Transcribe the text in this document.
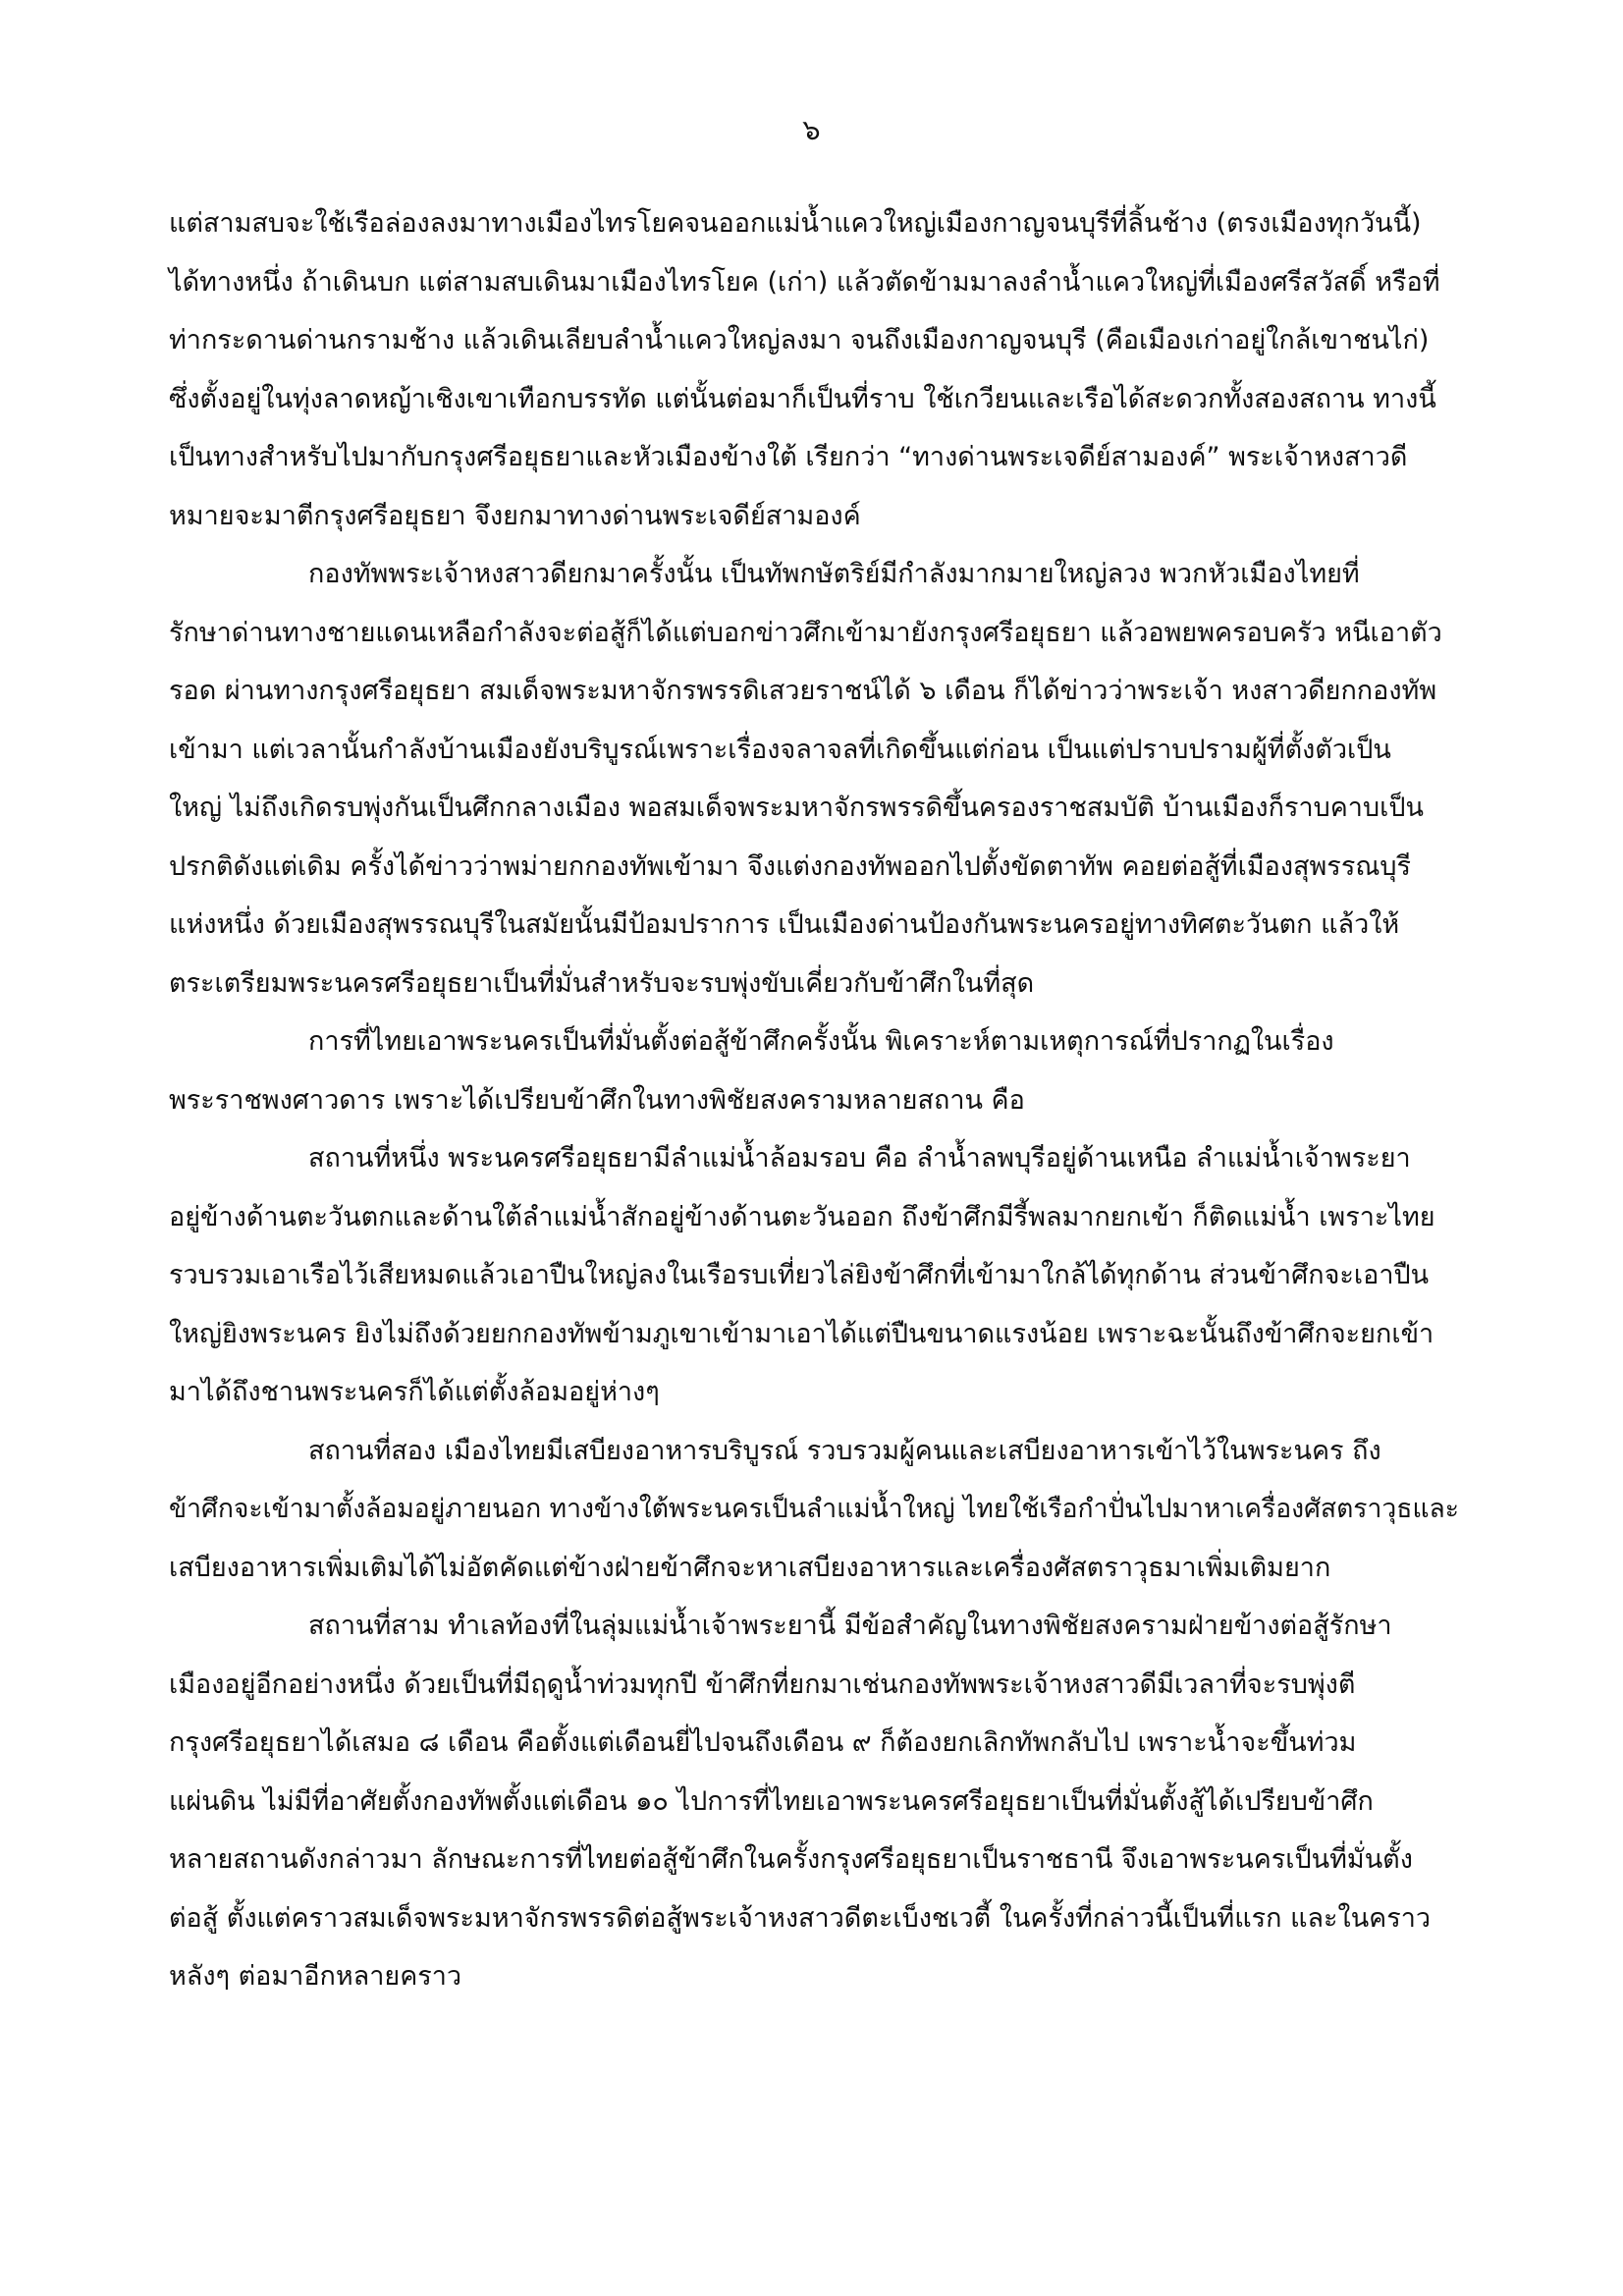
๖
แต่สามสบจะใช้เรือล่องลงมาทางเมืองไทรโยคจนออกแม่น้ำแควใหญ่เมืองกาญจนบุรีที่ลิ้นช้าง (ตรงเมืองทุกวันนี้)
ได้ทางหนึ่ง ถ้าเดินบก แต่สามสบเดินมาเมืองไทรโยค (เก่า) แล้วตัดข้ามมาลงลำน้ำแควใหญ่ที่เมืองศรีสวัสดิ์ หรือที่
ท่ากระดานด่านกรามช้าง แล้วเดินเลียบลำน้ำแควใหญ่ลงมา จนถึงเมืองกาญจนบุรี (คือเมืองเก่าอยู่ใกล้เขาชนไก่)
ซึ่งตั้งอยู่ในทุ่งลาดหญ้าเชิงเขาเทือกบรรทัด แต่นั้นต่อมาก็เป็นที่ราบ ใช้เกวียนและเรือได้สะดวกทั้งสองสถาน ทางนี้
เป็นทางสำหรับไปมากับกรุงศรีอยุธยาและหัวเมืองข้างใต้ เรียกว่า “ทางด่านพระเจดีย์สามองค์” พระเจ้าหงสาวดี
หมายจะมาตีกรุงศรีอยุธยา จึงยกมาทางด่านพระเจดีย์สามองค์
กองทัพพระเจ้าหงสาวดียกมาครั้งนั้น เป็นทัพกษัตริย์มีกำลังมากมายใหญ่ลวง พวกหัวเมืองไทยที่
รักษาด่านทางชายแดนเหลือกำลังจะต่อสู้ก็ได้แต่บอกข่าวศึกเข้ามายังกรุงศรีอยุธยา แล้วอพยพครอบครัว หนีเอาตัว
รอด ผ่านทางกรุงศรีอยุธยา สมเด็จพระมหาจักรพรรดิเสวยราชน์ได้ ๖ เดือน ก็ได้ข่าวว่าพระเจ้า หงสาวดียกกองทัพ
เข้ามา แต่เวลานั้นกำลังบ้านเมืองยังบริบูรณ์เพราะเรื่องจลาจลที่เกิดขึ้นแต่ก่อน เป็นแต่ปราบปรามผู้ที่ตั้งตัวเป็น
ใหญ่ ไม่ถึงเกิดรบพุ่งกันเป็นศึกกลางเมือง พอสมเด็จพระมหาจักรพรรดิขึ้นครองราชสมบัติ บ้านเมืองก็ราบคาบเป็น
ปรกติดังแต่เดิม ครั้งได้ข่าวว่าพม่ายกกองทัพเข้ามา จึงแต่งกองทัพออกไปตั้งขัดตาทัพ คอยต่อสู้ที่เมืองสุพรรณบุรี
แห่งหนึ่ง ด้วยเมืองสุพรรณบุรีในสมัยนั้นมีป้อมปราการ เป็นเมืองด่านป้องกันพระนครอยู่ทางทิศตะวันตก แล้วให้
ตระเตรียมพระนครศรีอยุธยาเป็นที่มั่นสำหรับจะรบพุ่งขับเคี่ยวกับข้าศึกในที่สุด
การที่ไทยเอาพระนครเป็นที่มั่นตั้งต่อสู้ข้าศึกครั้งนั้น พิเคราะห์ตามเหตุการณ์ที่ปรากฏในเรื่อง
พระราชพงศาวดาร เพราะได้เปรียบข้าศึกในทางพิชัยสงครามหลายสถาน คือ
สถานที่หนึ่ง พระนครศรีอยุธยามีลำแม่น้ำล้อมรอบ คือ ลำน้ำลพบุรีอยู่ด้านเหนือ ลำแม่น้ำเจ้าพระยา
อยู่ข้างด้านตะวันตกและด้านใต้ลำแม่น้ำสักอยู่ข้างด้านตะวันออก ถึงข้าศึกมีรี้พลมากยกเข้า ก็ติดแม่น้ำ เพราะไทย
รวบรวมเอาเรือไว้เสียหมดแล้วเอาปืนใหญ่ลงในเรือรบเที่ยวไล่ยิงข้าศึกที่เข้ามาใกล้ได้ทุกด้าน ส่วนข้าศึกจะเอาปืน
ใหญ่ยิงพระนคร ยิงไม่ถึงด้วยยกกองทัพข้ามภูเขาเข้ามาเอาได้แต่ปืนขนาดแรงน้อย เพราะฉะนั้นถึงข้าศึกจะยกเข้า
มาได้ถึงชานพระนครก็ได้แต่ตั้งล้อมอยู่ห่างๆ
สถานที่สอง เมืองไทยมีเสบียงอาหารบริบูรณ์ รวบรวมผู้คนและเสบียงอาหารเข้าไว้ในพระนคร ถึง
ข้าศึกจะเข้ามาตั้งล้อมอยู่ภายนอก ทางข้างใต้พระนครเป็นลำแม่น้ำใหญ่ ไทยใช้เรือกำปั่นไปมาหาเครื่องศัสตราวุธและ
เสบียงอาหารเพิ่มเติมได้ไม่อัตคัดแต่ข้างฝ่ายข้าศึกจะหาเสบียงอาหารและเครื่องศัสตราวุธมาเพิ่มเติมยาก
สถานที่สาม ทำเลท้องที่ในลุ่มแม่น้ำเจ้าพระยานี้ มีข้อสำคัญในทางพิชัยสงครามฝ่ายข้างต่อสู้รักษา
เมืองอยู่อีกอย่างหนึ่ง ด้วยเป็นที่มีฤดูน้ำท่วมทุกปี ข้าศึกที่ยกมาเช่นกองทัพพระเจ้าหงสาวดีมีเวลาที่จะรบพุ่งตี
กรุงศรีอยุธยาได้เสมอ ๘ เดือน คือตั้งแต่เดือนยี่ไปจนถึงเดือน ๙ ก็ต้องยกเลิกทัพกลับไป เพราะน้ำจะขึ้นท่วม
แผ่นดิน ไม่มีที่อาศัยตั้งกองทัพตั้งแต่เดือน ๑๐ ไปการที่ไทยเอาพระนครศรีอยุธยาเป็นที่มั่นตั้งสู้ได้เปรียบข้าศึก
หลายสถานดังกล่าวมา ลักษณะการที่ไทยต่อสู้ข้าศึกในครั้งกรุงศรีอยุธยาเป็นราชธานี จึงเอาพระนครเป็นที่มั่นตั้ง
ต่อสู้ ตั้งแต่คราวสมเด็จพระมหาจักรพรรดิต่อสู้พระเจ้าหงสาวดีตะเบ็งชเวตี้ ในครั้งที่กล่าวนี้เป็นที่แรก และในคราว
หลังๆ ต่อมาอีกหลายคราว
